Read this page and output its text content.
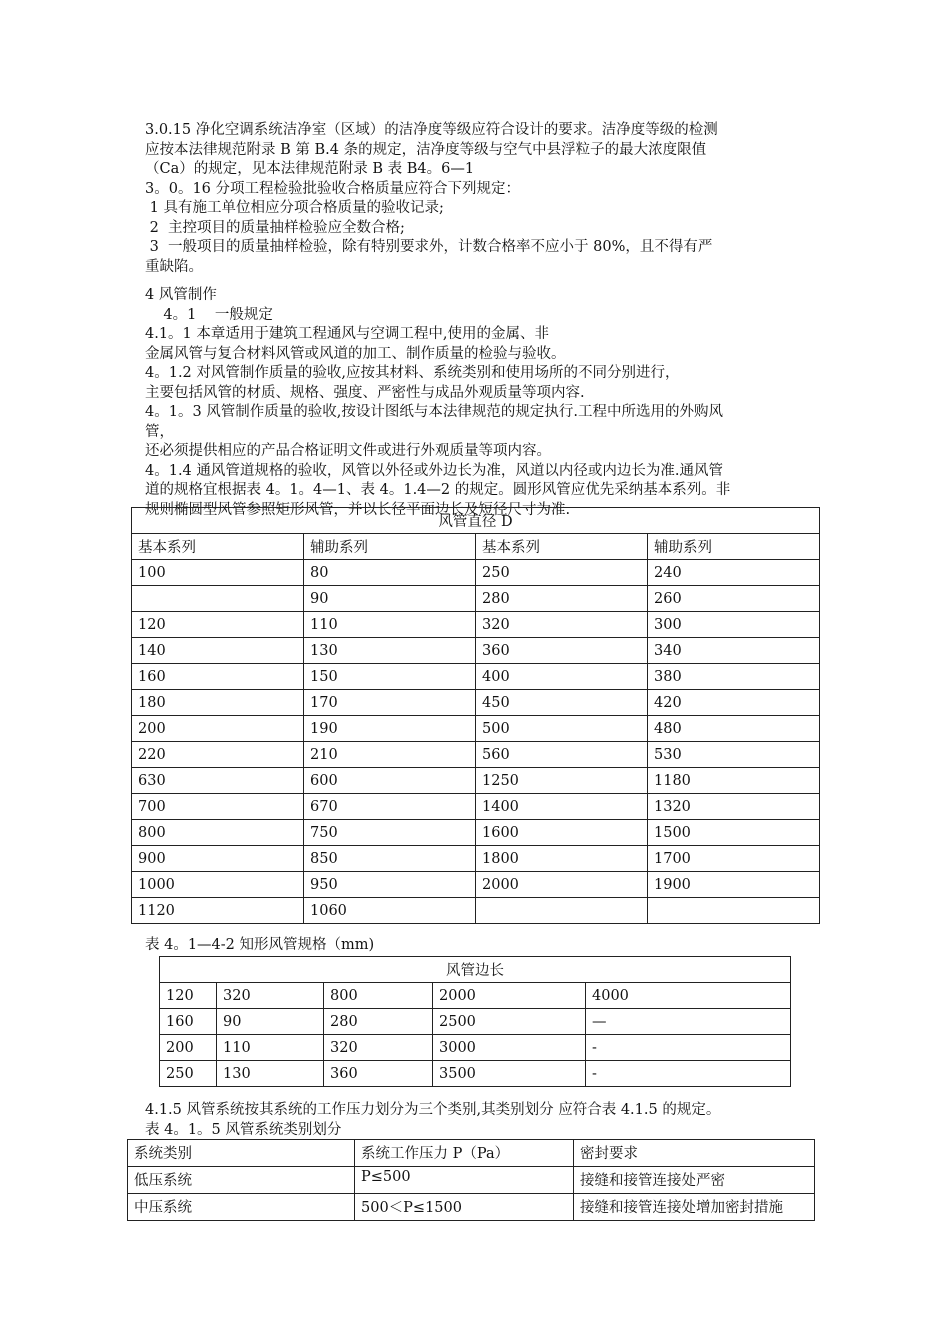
3.0.15 净化空调系统洁净室（区域）的洁净度等级应符合设计的要求。洁净度等级的检测
应按本法律规范附录 B 第 B.4 条的规定，洁净度等级与空气中县浮粒子的最大浓度限值
（Ca）的规定，见本法律规范附录 B 表 B4。6—1
3。0。16 分项工程检验批验收合格质量应符合下列规定：
1 具有施工单位相应分项合格质量的验收记录;
2  主控项目的质量抽样检验应全数合格;
3  一般项目的质量抽样检验，除有特别要求外，计数合格率不应小于 80%，且不得有严
重缺陷。
4 风管制作
4。1    一般规定
4.1。1 本章适用于建筑工程通风与空调工程中,使用的金属、非
金属风管与复合材料风管或风道的加工、制作质量的检验与验收。
4。1.2 对风管制作质量的验收,应按其材料、系统类别和使用场所的不同分别进行，
主要包括风管的材质、规格、强度、严密性与成品外观质量等项内容.
4。1。3 风管制作质量的验收,按设计图纸与本法律规范的规定执行.工程中所选用的外购风
管，
还必须提供相应的产品合格证明文件或进行外观质量等项内容。
4。1.4 通风管道规格的验收，风管以外径或外边长为准，风道以内径或内边长为准.通风管
道的规格宜根据表 4。1。4—1、表 4。1.4—2 的规定。圆形风管应优先采纳基本系列。非
规则椭圆型风管参照矩形风管，并以长径平面边长及短径尺寸为准.
风管直径 D			
基本系列	辅助系列	基本系列	辅助系列
100	80	250	240
	90	280	260
120	110	320	300
140	130	360	340
160	150	400	380
180	170	450	420
200	190	500	480
220	210	560	530
630	600	1250	1180
700	670	1400	1320
800	750	1600	1500
900	850	1800	1700
1000	950	2000	1900
1120	1060		
表 4。1—4-2 知形风管规格（mm)
风管边长				
120	320	800	2000	4000
160	90	280	2500	—
200	110	320	3000	-
250	130	360	3500	-
4.1.5 风管系统按其系统的工作压力划分为三个类别,其类别划分 应符合表 4.1.5 的规定。
表 4。1。5 风管系统类别划分
系统类别	系统工作压力 P（Pa）	密封要求
低压系统	P≤500	接缝和接管连接处严密
中压系统	500＜P≤1500	接缝和接管连接处增加密封措施
